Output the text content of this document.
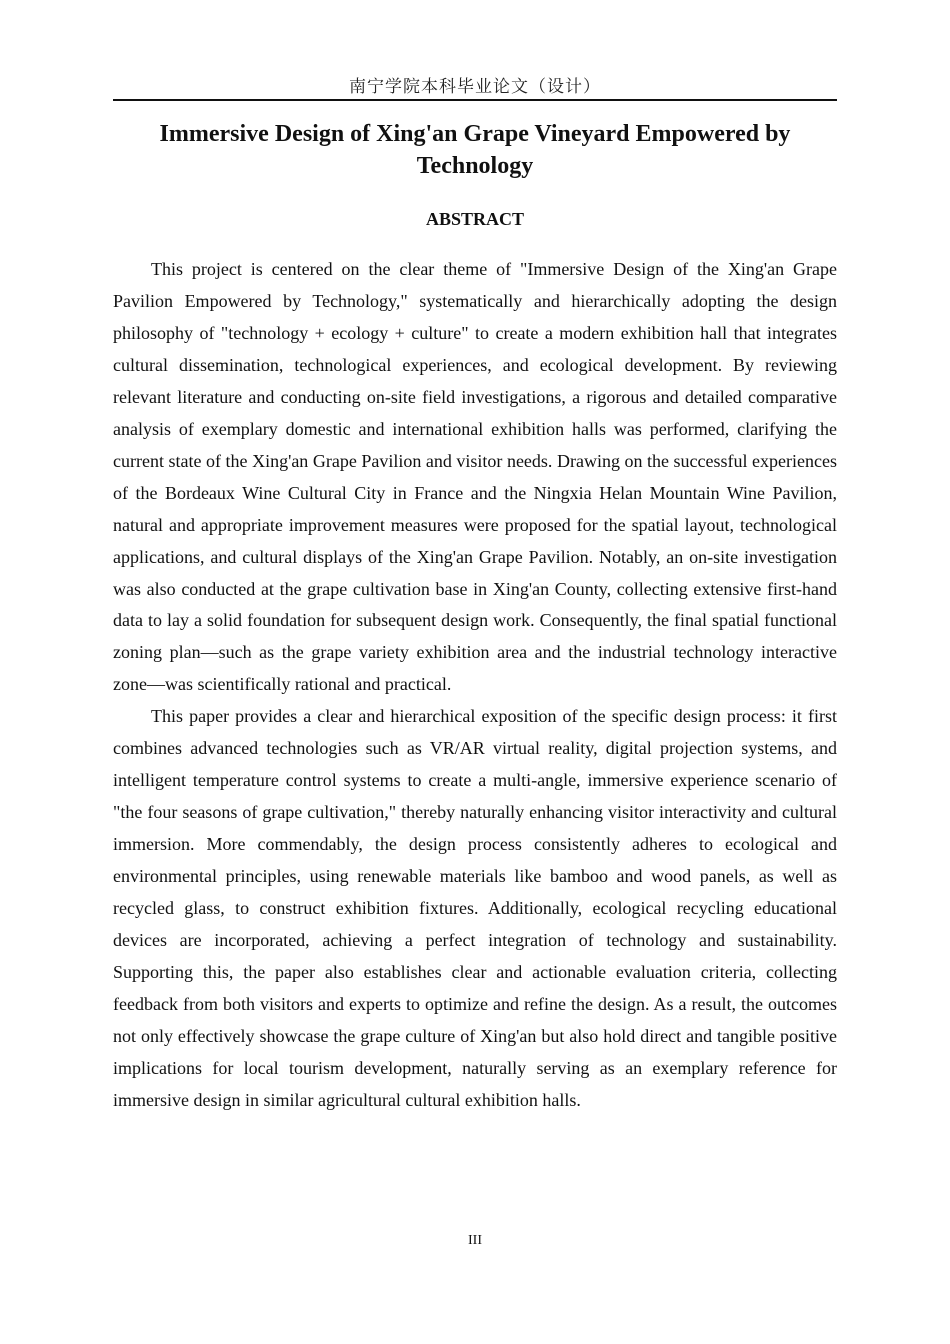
南宁学院本科毕业论文（设计）
Immersive Design of Xing'an Grape Vineyard Empowered by Technology
ABSTRACT

This project is centered on the clear theme of "Immersive Design of the Xing'an Grape Pavilion Empowered by Technology," systematically and hierarchically adopting the design philosophy of "technology + ecology + culture" to create a modern exhibition hall that integrates cultural dissemination, technological experiences, and ecological development. By reviewing relevant literature and conducting on-site field investigations, a rigorous and detailed comparative analysis of exemplary domestic and international exhibition halls was performed, clarifying the current state of the Xing'an Grape Pavilion and visitor needs. Drawing on the successful experiences of the Bordeaux Wine Cultural City in France and the Ningxia Helan Mountain Wine Pavilion, natural and appropriate improvement measures were proposed for the spatial layout, technological applications, and cultural displays of the Xing'an Grape Pavilion. Notably, an on-site investigation was also conducted at the grape cultivation base in Xing'an County, collecting extensive first-hand data to lay a solid foundation for subsequent design work. Consequently, the final spatial functional zoning plan—such as the grape variety exhibition area and the industrial technology interactive zone—was scientifically rational and practical.

This paper provides a clear and hierarchical exposition of the specific design process: it first combines advanced technologies such as VR/AR virtual reality, digital projection systems, and intelligent temperature control systems to create a multi-angle, immersive experience scenario of "the four seasons of grape cultivation," thereby naturally enhancing visitor interactivity and cultural immersion. More commendably, the design process consistently adheres to ecological and environmental principles, using renewable materials like bamboo and wood panels, as well as recycled glass, to construct exhibition fixtures. Additionally, ecological recycling educational devices are incorporated, achieving a perfect integration of technology and sustainability. Supporting this, the paper also establishes clear and actionable evaluation criteria, collecting feedback from both visitors and experts to optimize and refine the design. As a result, the outcomes not only effectively showcase the grape culture of Xing'an but also hold direct and tangible positive implications for local tourism development, naturally serving as an exemplary reference for immersive design in similar agricultural cultural exhibition halls.

III
